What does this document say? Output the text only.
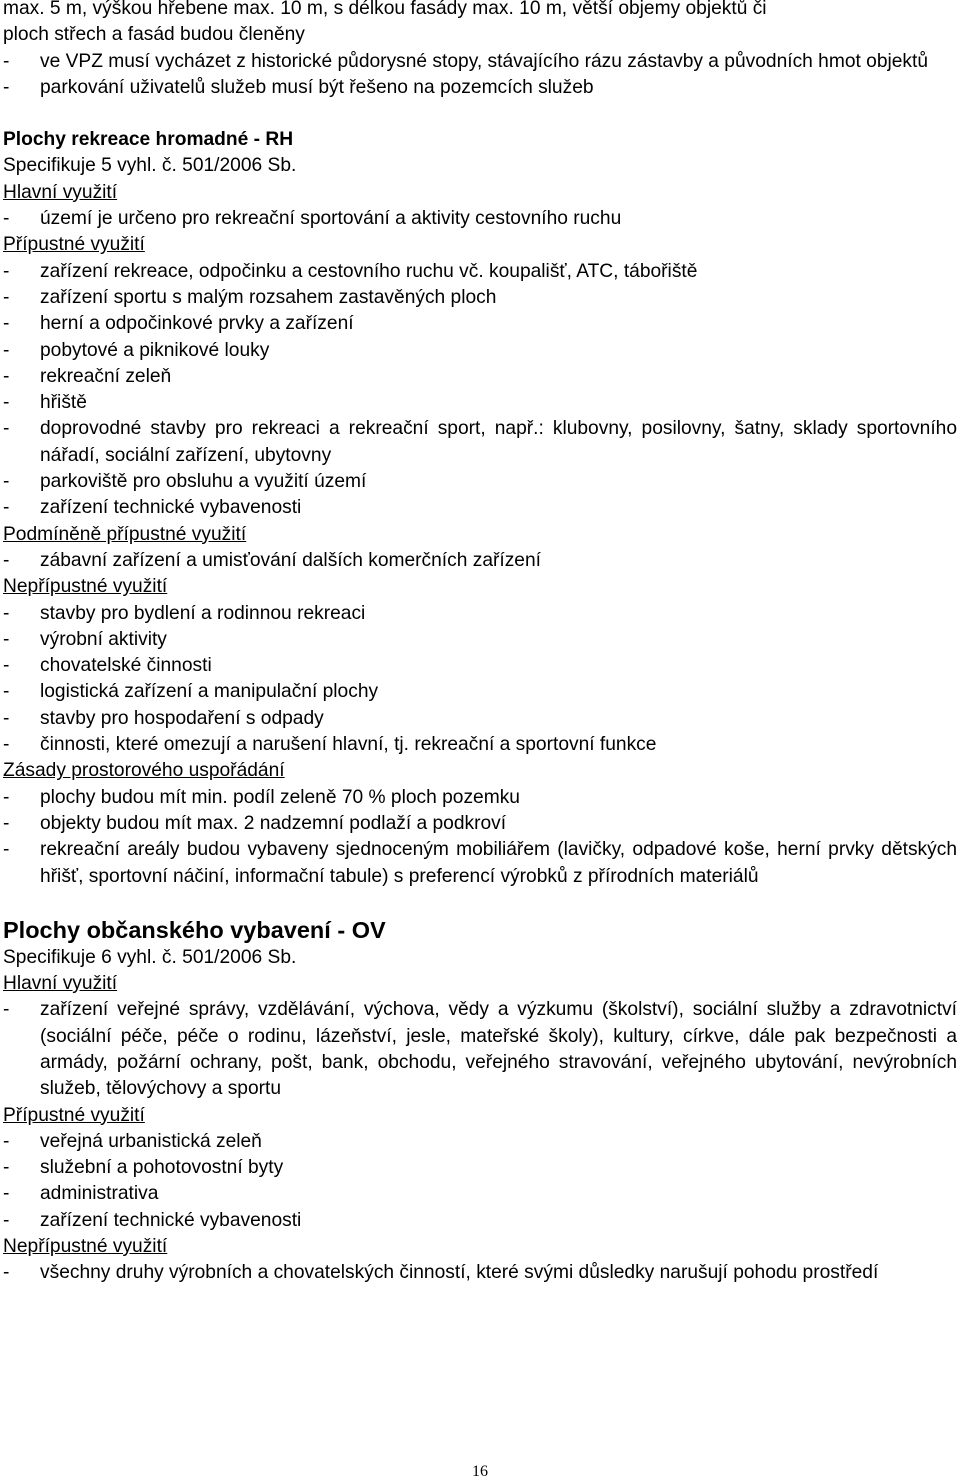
max. 5 m, výškou hřebene max. 10 m, s délkou fasády max. 10 m, větší objemy objektů či
ploch střech a fasád budou členěny
- ve VPZ musí vycházet z historické půdorysné stopy, stávajícího rázu zástavby a původních hmot objektů
- parkování uživatelů služeb musí být řešeno na pozemcích služeb
Plochy rekreace hromadné - RH
Specifikuje 5 vyhl. č. 501/2006 Sb.
Hlavní využití
- území je určeno pro rekreační sportování a aktivity cestovního ruchu
Přípustné využití
- zařízení rekreace, odpočinku a cestovního ruchu vč. koupališť, ATC, tábořiště
- zařízení sportu s malým rozsahem zastavěných ploch
- herní a odpočinkové prvky a zařízení
- pobytové a piknikové louky
- rekreační zeleň
- hřiště
- doprovodné stavby pro rekreaci a rekreační sport, např.: klubovny, posilovny, šatny, sklady sportovního nářadí, sociální zařízení, ubytovny
- parkoviště pro obsluhu a využití území
- zařízení technické vybavenosti
Podmíněně přípustné využití
- zábavní zařízení a umisťování dalších komerčních zařízení
Nepřípustné využití
- stavby pro bydlení a rodinnou rekreaci
- výrobní aktivity
- chovatelské činnosti
- logistická zařízení a manipulační plochy
- stavby pro hospodaření s odpady
- činnosti, které omezují a narušení hlavní, tj. rekreační a sportovní funkce
Zásady prostorového uspořádání
- plochy budou mít min. podíl zeleně 70 % ploch pozemku
- objekty budou mít max. 2 nadzemní podlaží a podkroví
- rekreační areály budou vybaveny sjednoceným mobiliářem (lavičky, odpadové koše, herní prvky dětských hřišť, sportovní náčiní, informační tabule) s preferencí výrobků z přírodních materiálů
Plochy občanského vybavení - OV
Specifikuje 6 vyhl. č. 501/2006 Sb.
Hlavní využití
- zařízení veřejné správy, vzdělávání, výchova, vědy a výzkumu (školství), sociální služby a zdravotnictví (sociální péče, péče o rodinu, lázeňství, jesle, mateřské školy), kultury, církve, dále pak bezpečnosti a armády, požární ochrany, pošt, bank, obchodu, veřejného stravování, veřejného ubytování, nevýrobních služeb, tělovýchovy a sportu
Přípustné využití
- veřejná urbanistická zeleň
- služební a pohotovostní byty
- administrativa
- zařízení technické vybavenosti
Nepřípustné využití
- všechny druhy výrobních a chovatelských činností, které svými důsledky narušují pohodu prostředí
16
